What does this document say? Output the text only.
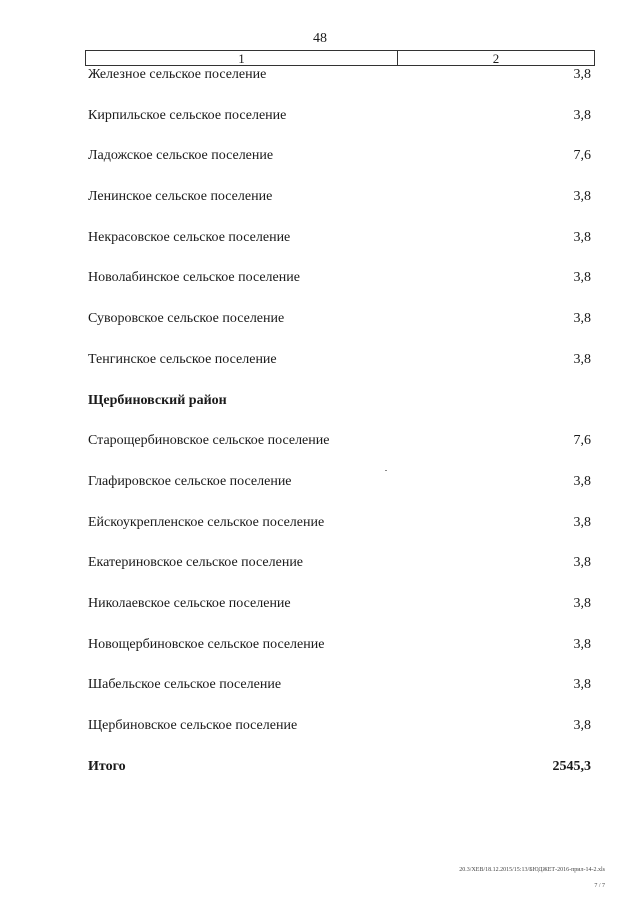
48
1	2
Железное сельское поселение	3,8
Кирпильское сельское поселение	3,8
Ладожское сельское поселение	7,6
Ленинское сельское поселение	3,8
Некрасовское сельское поселение	3,8
Новолабинское сельское поселение	3,8
Суворовское сельское поселение	3,8
Тенгинское сельское поселение	3,8
Щербиновский район
Старощербиновское сельское поселение	7,6
Глафировское сельское поселение	3,8
Ейскоукрепленское сельское поселение	3,8
Екатериновское сельское поселение	3,8
Николаевское сельское поселение	3,8
Новощербиновское сельское поселение	3,8
Шабельское сельское поселение	3,8
Щербиновское сельское поселение	3,8
Итого	2545,3
20.3/ХЕВ/18.12.2015/15:13/БЮДЖЕТ-2016-прил-14-2.xls
7 / 7
